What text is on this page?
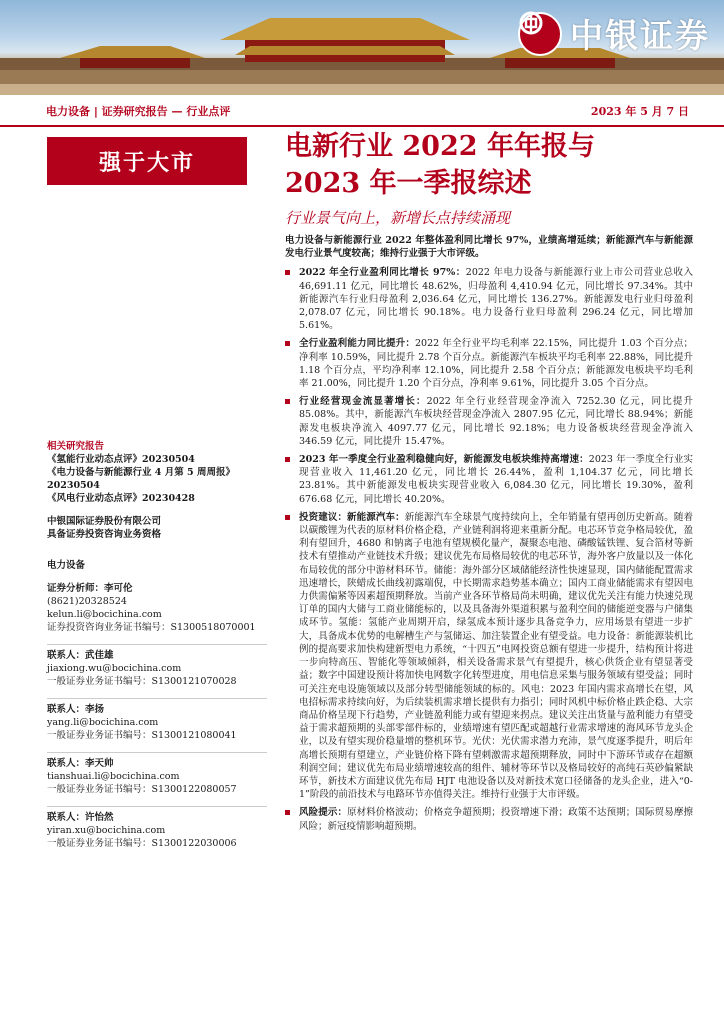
中银证券
电力设备 | 证券研究报告 — 行业点评	2023 年 5 月 7 日
强于大市
电新行业 2022 年年报与
2023 年一季报综述
行业景气向上，新增长点持续涌现
相关研究报告
《氢能行业动态点评》20230504
《电力设备与新能源行业 4 月第 5 周周报》20230504
《风电行业动态点评》20230428
中银国际证券股份有限公司
具备证券投资咨询业务资格
电力设备
证券分析师：李可伦
(8621)20328524
kelun.li@bocichina.com
证券投资咨询业务证书编号：S1300518070001
联系人：武佳雄
jiaxiong.wu@bocichina.com
一般证券业务证书编号：S1300121070028
联系人：李扬
yang.li@bocichina.com
一般证券业务证书编号：S1300121080041
联系人：李天帅
tianshuai.li@bocichina.com
一般证券业务证书编号：S1300122080057
联系人：许怡然
yiran.xu@bocichina.com
一般证券业务证书编号：S1300122030006

电力设备与新能源行业 2022 年整体盈利同比增长 97%，业绩高增延续；新能源汽车与新能源发电行业景气度较高；维持行业强于大市评级。

2022 年全行业盈利同比增长 97%：2022 年电力设备与新能源行业上市公司营业总收入 46,691.11 亿元，同比增长 48.62%，归母盈利 4,410.94 亿元，同比增长 97.34%。其中新能源汽车行业归母盈利 2,036.64 亿元，同比增长 136.27%。新能源发电行业归母盈利 2,078.07 亿元，同比增长 90.18%。电力设备行业归母盈利 296.24 亿元，同比增加 5.61%。

全行业盈利能力同比提升：2022 年全行业平均毛利率 22.15%，同比提升 1.03 个百分点；净利率 10.59%，同比提升 2.78 个百分点。新能源汽车板块平均毛利率 22.88%，同比提升 1.18 个百分点，平均净利率 12.10%，同比提升 2.58 个百分点；新能源发电板块平均毛利率 21.00%，同比提升 1.20 个百分点，净利率 9.61%，同比提升 3.05 个百分点。

行业经营现金流显著增长：2022 年全行业经营现金净流入 7252.30 亿元，同比提升 85.08%。其中，新能源汽车板块经营现金净流入 2807.95 亿元，同比增长 88.94%；新能源发电板块净流入 4097.77 亿元，同比增长 92.18%；电力设备板块经营现金净流入 346.59 亿元，同比提升 15.47%。

2023 年一季度全行业盈利稳健向好，新能源发电板块维持高增速：2023 年一季度全行业实现营业收入 11,461.20 亿元，同比增长 26.44%，盈利 1,104.37 亿元，同比增长 23.81%。其中新能源发电板块实现营业收入 6,084.30 亿元，同比增长 19.30%，盈利 676.68 亿元，同比增长 40.20%。

投资建议：新能源汽车：新能源汽车全球景气度持续向上，全年销量有望再创历史新高。随着以碳酸锂为代表的原材料价格企稳，产业链利润将迎来重新分配。电芯环节竞争格局较优，盈利有望回升，4680 和钠离子电池有望规模化量产，凝聚态电池、磷酸锰铁锂、复合箔材等新技术有望推动产业链技术升级；建议优先布局格局较优的电芯环节，海外客户放量以及一体化布局较优的部分中游材料环节。储能：海外部分区域储能经济性快速显现，国内储能配置需求迅速增长，陕蜡成长曲线初露端倪，中长期需求趋势基本确立；国内工商业储能需求有望因电力供需偏紧等因素超预期释放。当前产业各环节格局尚未明确，建议优先关注有能力快速兑现订单的国内大储与工商业储能标的，以及具备海外渠道积累与盈利空间的储能逆变器与户储集成环节。氢能：氢能产业周期开启，绿氢成本预计逐步具备竞争力，应用场景有望进一步扩大，具备成本优势的电解槽生产与氢储运、加注装置企业有望受益。电力设备：新能源装机比例的提高要求加快构建新型电力系统，“十四五”电网投资总额有望进一步提升，结构预计将进一步向特高压、智能化等领域倾斜，相关设备需求景气有望提升，核心供货企业有望显著受益；数字中国建设预计将加快电网数字化转型进度，用电信息采集与服务领域有望受益；同时可关注充电设施领域以及部分转型储能领域的标的。风电：2023 年国内需求高增长在望，风电招标需求持续向好，为后续装机需求增长提供有力指引；同时风机中标价格止跌企稳、大宗商品价格呈现下行趋势，产业链盈利能力或有望迎来拐点。建议关注出货量与盈利能力有望受益于需求超预期的头部零部件标的，业绩增速有望匹配或超越行业需求增速的海风环节龙头企业，以及有望实现价稳量增的整机环节。光伏：光伏需求潜力充沛，景气度逐季提升，明后年高增长预期有望建立，产业链价格下降有望刺激需求超预期释放，同时中下游环节或存在超额利润空间；建议优先布局业绩增速较高的组件、辅材等环节以及格局较好的高纯石英砂偏紧缺环节，新技术方面建议优先布局 HJT 电池设备以及对新技术宽口径储备的龙头企业，进入“0-1”阶段的前沿技术与电路环节亦值得关注。维持行业强于大市评级。

风险提示：原材料价格波动；价格竞争超预期；投资增速下滑；政策不达预期；国际贸易摩擦风险；新冠疫情影响超预期。
